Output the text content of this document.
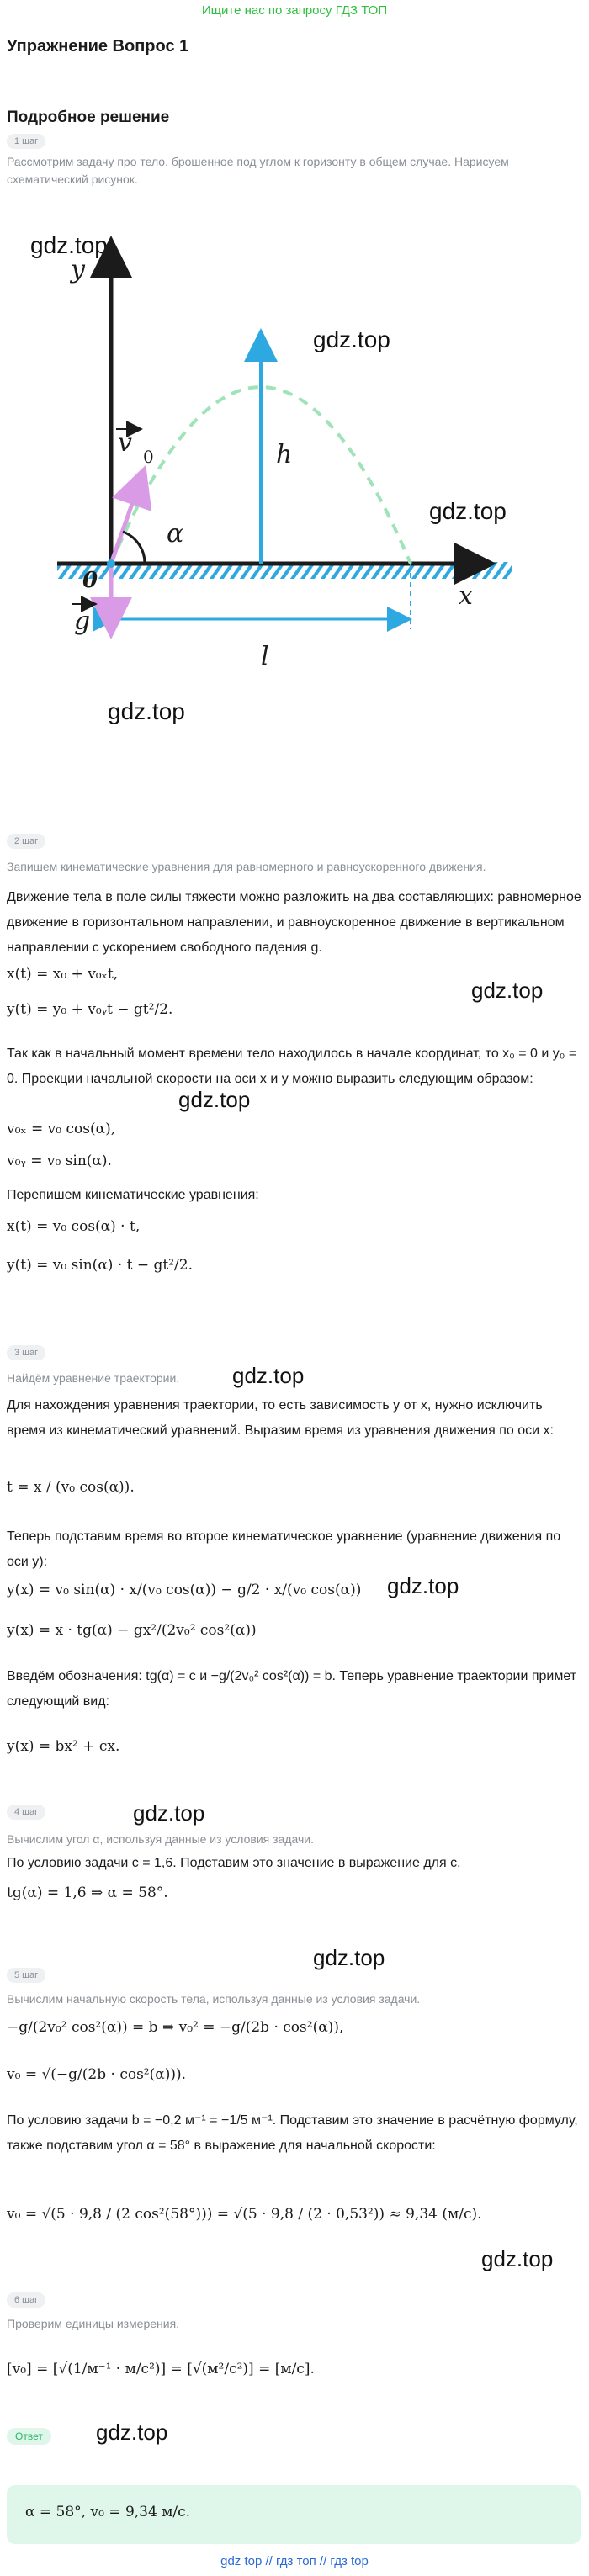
Ищите нас по запросу ГДЗ ТОП
Упражнение Вопрос 1
Подробное решение
1 шаг
Рассмотрим задачу про тело, брошенное под углом к горизонту в общем случае. Нарисуем схематический рисунок.
gdz.top
gdz.top
gdz.top
gdz.top
y
x
h
l
α
0
v 0
g
2 шаг
Запишем кинематические уравнения для равномерного и равноускоренного движения.
Движение тела в поле силы тяжести можно разложить на два составляющих: равномерное движение в горизонтальном направлении, и равноускоренное движение в вертикальном направлении с ускорением свободного падения g.
x(t) = x₀ + v₀ₓt,
y(t) = y₀ + v₀ᵧt − gt²/2.
gdz.top
Так как в начальный момент времени тело находилось в начале координат, то x₀ = 0 и y₀ = 0. Проекции начальной скорости на оси x и y можно выразить следующим образом:
gdz.top
v₀ₓ = v₀ cos(α),
v₀ᵧ = v₀ sin(α).
Перепишем кинематические уравнения:
x(t) = v₀ cos(α) · t,
y(t) = v₀ sin(α) · t − gt²/2.
3 шаг
Найдём уравнение траектории.	gdz.top
Для нахождения уравнения траектории, то есть зависимость y от x, нужно исключить время из кинематический уравнений. Выразим время из уравнения движения по оси x:
t = x / (v₀ cos(α)).
Теперь подставим время во второе кинематическое уравнение (уравнение движения по оси y):
y(x) = v₀ sin(α) · x/(v₀ cos(α)) − g/2 · x/(v₀ cos(α))	gdz.top
y(x) = x · tg(α) − gx²/(2v₀² cos²(α))
Введём обозначения: tg(α) = c и −g/(2v₀² cos²(α)) = b. Теперь уравнение траектории примет следующий вид:
y(x) = bx² + cx.
4 шаг	gdz.top
Вычислим угол α, используя данные из условия задачи.
По условию задачи c = 1,6. Подставим это значение в выражение для c.
tg(α) = 1,6 ⇒ α = 58°.
gdz.top
5 шаг
Вычислим начальную скорость тела, используя данные из условия задачи.
−g/(2v₀² cos²(α)) = b ⇒ v₀² = −g/(2b · cos²(α)),
v₀ = √(−g/(2b · cos²(α))).
По условию задачи b = −0,2 м⁻¹ = −1/5 м⁻¹. Подставим это значение в расчётную формулу, также подставим угол α = 58° в выражение для начальной скорости:
v₀ = √(5 · 9,8 / (2 cos²(58°))) = √(5 · 9,8 / (2 · 0,53²)) ≈ 9,34 (м/с).
gdz.top
6 шаг
Проверим единицы измерения.
[v₀] = [√(1/м⁻¹ · м/с²)] = [√(м²/с²)] = [м/с].
Ответ	gdz.top
α = 58°, v₀ = 9,34 м/с.
gdz top // гдз топ // гдз top
